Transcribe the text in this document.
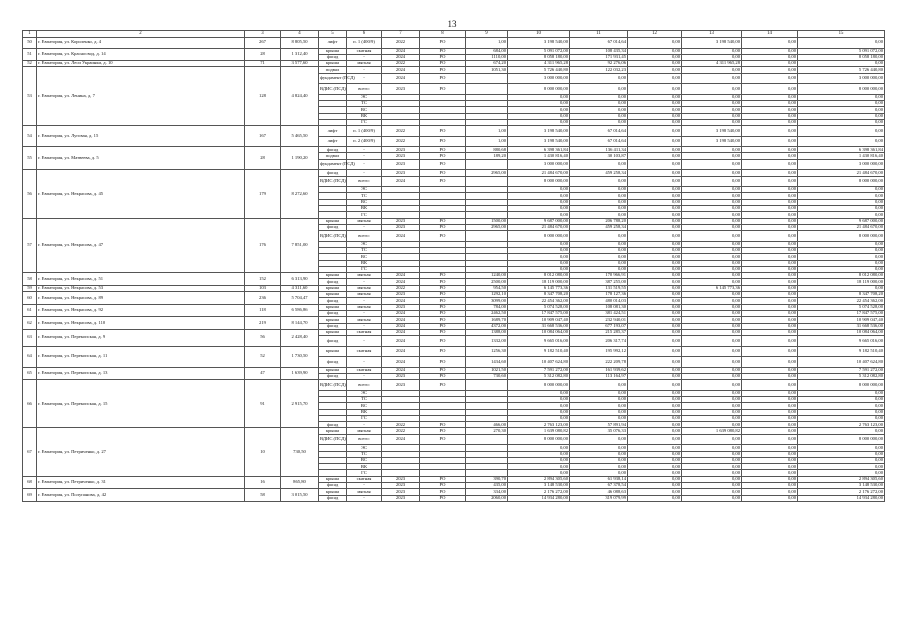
13
1	2	3	4	5	6	7	8	9	10	11	12	13	14	15
50	г. Евпатория, ул. Короленко, д. 4	267	8 805,50	лифт	п. 1 (400/9)	2022	РО	1,00	3 198 540,00	67 014,64	0,00	3 198 540,00	0,00	0,00
51	г. Евпатория, ул. Красносвод, д. 14	28	1 312,40	крыша	скатная	2024	РО	684,00	5 091 072,00	108 435,34	0,00	0,00	0,00	5 091 072,00
				фасад	-	2024	РО	1110,00	8 058 180,00	171 931,45	0,00	0,00	0,00	8 058 180,00
52	г. Евпатория, ул. Леси Украинки, д. 10	71	3 577,60	крыша	мягкая	2022	РО	674,20	4 311 965,28	92 276,06	0,00	4 311 965,28	0,00	0,00
53	г. Евпатория, ул. Ленина, д. 7	128	4 824,40	подвал	-	2024	РО	1051,30	5 726 440,80	122 032,23	0,00	0,00	0,00	5 726 440,80
				фундамент (ПСД)	-	2024	РО		3 000 000,00	0,00	0,00	0,00	0,00	3 000 000,00
				ВДИС (ПСД)	всего:	2023	РО		8 000 000,00	0,00	0,00	0,00	0,00	8 000 000,00
					ЭС				0,00	0,00	0,00	0,00	0,00	0,00
					ТС				0,00	0,00	0,00	0,00	0,00	0,00
					ВС				0,00	0,00	0,00	0,00	0,00	0,00
					ВК				0,00	0,00	0,00	0,00	0,00	0,00
					ГС				0,00	0,00	0,00	0,00	0,00	0,00
54	г. Евпатория, ул. Луговая, д. 15	167	5 465,50	лифт	п. 1 (400/9)	2022	РО	1,00	3 198 540,00	67 014,64	0,00	3 198 540,00	0,00	0,00
				лифт	п. 2 (400/9)	2022	РО	1,00	3 198 540,00	67 014,64	0,00	3 198 540,00	0,00	0,00
55	г. Евпатория, ул. Матвеева, д. 5	28	1 190,20	фасад	-	2023	РО	880,68	6 398 361,84	136 411,34	0,00	0,00	0,00	6 398 361,84
				подвал	-	2023	РО	189,20	1 430 816,40	30 103,87	0,00	0,00	0,00	1 430 816,40
				фундамент (ПСД)	-	2023	РО		3 000 000,00	0,00	0,00	0,00	0,00	3 000 000,00
56	г. Евпатория, ул. Некрасова, д. 45	179	8 272,60	фасад	-	2023	РО	2965,00	21 484 670,00	459 258,34	0,00	0,00	0,00	21 484 670,00
				ВДИС (ПСД)	всего:	2024	РО		8 000 000,00	0,00	0,00	0,00	0,00	8 000 000,00
					ЭС				0,00	0,00	0,00	0,00	0,00	0,00
					ТС				0,00	0,00	0,00	0,00	0,00	0,00
					ВС				0,00	0,00	0,00	0,00	0,00	0,00
					ВК				0,00	0,00	0,00	0,00	0,00	0,00
					ГС				0,00	0,00	0,00	0,00	0,00	0,00
57	г. Евпатория, ул. Некрасова, д. 47	176	7 851,00	крыша	мягкая	2023	РО	1500,00	9 687 000,00	206 788,20	0,00	0,00	0,00	9 687 000,00
				фасад	-	2023	РО	2965,00	21 484 670,00	459 258,34	0,00	0,00	0,00	21 484 670,00
				ВДИС (ПСД)	всего:	2024	РО		8 000 000,00	0,00	0,00	0,00	0,00	8 000 000,00
					ЭС				0,00	0,00	0,00	0,00	0,00	0,00
					ТС				0,00	0,00	0,00	0,00	0,00	0,00
					ВС				0,00	0,00	0,00	0,00	0,00	0,00
					ВК				0,00	0,00	0,00	0,00	0,00	0,00
					ГС				0,00	0,00	0,00	0,00	0,00	0,00
58	г. Евпатория, ул. Некрасова, д. 51	152	6 313,90	крыша	мягкая	2024	РО	1240,00	8 012 080,00	170 966,91	0,00	0,00	0,00	8 012 080,00
				фасад	-	2024	РО	2500,00	18 119 000,00	387 255,00	0,00	0,00	0,00	18 119 000,00
59	г. Евпатория, ул. Некрасова, д. 53	103	4 311,60	крыша	мягкая	2022	РО	954,50	6 145 773,36	131 519,55	0,00	6 145 773,36	0,00	0,00
60	г. Евпатория, ул. Некрасова, д. 89	236	5 704,47	крыша	мягкая	2023	РО	1292,10	8 347 708,20	178 127,36	0,00	0,00	0,00	8 347 708,20
				фасад	-	2024	РО	3099,00	22 454 362,00	480 014,03	0,00	0,00	0,00	22 454 362,00
61	г. Евпатория, ул. Некрасова, д. 92	118	6 586,86	крыша	мягкая	2023	РО	784,00	5 074 528,00	108 081,30	0,00	0,00	0,00	5 074 528,00
				фасад	-	2024	РО	2462,50	17 847 575,00	381 424,51	0,00	0,00	0,00	17 847 575,00
62	г. Евпатория, ул. Некрасова, д. 110	219	8 144,70	крыша	мягкая	2024	РО	1689,70	10 909 047,40	232 940,01	0,00	0,00	0,00	10 909 047,40
				фасад	-	2024	РО	4372,00	31 668 536,00	677 193,07	0,00	0,00	0,00	31 668 536,00
63	г. Евпатория, ул. Перекопская, д. 9	56	2 428,40	крыша	скатная	2024	РО	1388,00	10 084 064,00	215 285,37	0,00	0,00	0,00	10 084 064,00
				фасад	-	2024	РО	1332,00	9 665 016,00	206 317,74	0,00	0,00	0,00	9 665 016,00
64	г. Евпатория, ул. Перекопская, д. 11	52	1 730,50	крыша	скатная	2024	РО	1256,30	9 182 510,40	195 992,12	0,00	0,00	0,00	9 182 510,40
				фасад	-	2024	РО	1434,60	10 407 624,80	222 209,78	0,00	0,00	0,00	10 407 624,80
65	г. Евпатория, ул. Перекопская, д. 13	47	1 639,90	крыша	скатная	2024	РО	1021,50	7 591 272,00	161 939,62	0,00	0,00	0,00	7 591 272,00
				фасад	-	2023	РО	730,60	5 312 082,80	113 164,97	0,00	0,00	0,00	5 312 082,80
66	г. Евпатория, ул. Перекопская, д. 15	91	2 915,70	ВДИС (ПСД)	всего:	2023	РО		8 000 000,00	0,00	0,00	0,00	0,00	8 000 000,00
					ЭС				0,00	0,00	0,00	0,00	0,00	0,00
					ТС				0,00	0,00	0,00	0,00	0,00	0,00
					ВС				0,00	0,00	0,00	0,00	0,00	0,00
					ВК				0,00	0,00	0,00	0,00	0,00	0,00
					ГС				0,00	0,00	0,00	0,00	0,00	0,00
				фасад	-	2022	РО	466,00	2 763 123,00	57 891,94	0,00	0,00	0,00	2 763 123,00
67	г. Евпатория, ул. Петриченко, д. 27	10	730,50	крыша	мягкая	2022	РО	270,30	1 639 080,82	35 076,33	0,00	1 639 080,82	0,00	0,00
				ВДИС (ПСД)	всего:	2024	РО		8 000 000,00	0,00	0,00	0,00	0,00	8 000 000,00
					ЭС				0,00	0,00	0,00	0,00	0,00	0,00
					ТС				0,00	0,00	0,00	0,00	0,00	0,00
					ВС				0,00	0,00	0,00	0,00	0,00	0,00
					ВК				0,00	0,00	0,00	0,00	0,00	0,00
					ГС				0,00	0,00	0,00	0,00	0,00	0,00
68	г. Евпатория, ул. Петриченко, д. 31	16	865,80	крыша	скатная	2023	РО	390,70	2 894 305,60	61 938,14	0,00	0,00	0,00	2 894 305,60
				фасад	-	2023	РО	435,00	3 148 530,00	67 378,54	0,00	0,00	0,00	3 148 530,00
69	г. Евпатория, ул. Полупанова, д. 42	58	3 015,50	крыша	мягкая	2023	РО	334,00	2 176 272,00	46 088,63	0,00	0,00	0,00	2 176 272,00
				фасад	-	2023	РО	2060,00	14 934 280,00	319 079,99	0,00	0,00	0,00	14 934 280,00
